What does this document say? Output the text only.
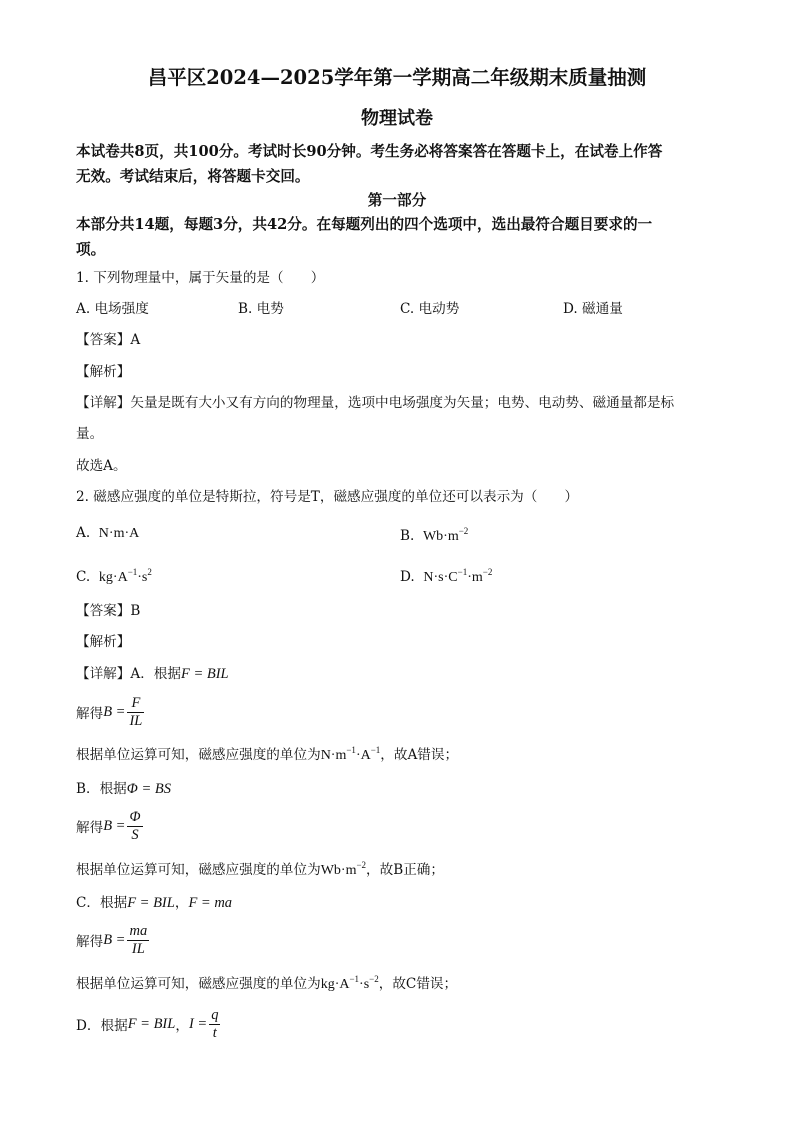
昌平区2024—2025学年第一学期高二年级期末质量抽测
物理试卷
本试卷共8页，共100分。考试时长90分钟。考生务必将答案答在答题卡上，在试卷上作答
无效。考试结束后，将答题卡交回。
第一部分
本部分共14题，每题3分，共42分。在每题列出的四个选项中，选出最符合题目要求的一
项。
1. 下列物理量中，属于矢量的是（　　）
A. 电场强度	B. 电势	C. 电动势	D. 磁通量
【答案】A
【解析】
【详解】矢量是既有大小又有方向的物理量，选项中电场强度为矢量；电势、电动势、磁通量都是标
量。
故选A。
2. 磁感应强度的单位是特斯拉，符号是T，磁感应强度的单位还可以表示为（　　）
A. N·m·A	B. $Wb\cdot m^{-2}$
C. $kg\cdot A^{-1}\cdot s^2$	D. $N\cdot s\cdot C^{-1}\cdot m^{-2}$
【答案】B
【解析】
【详解】A．根据F = BIL
解得 $B = \frac{F}{IL}$
根据单位运算可知，磁感应强度的单位为$N\cdot m^{-1}\cdot A^{-1}$，故A错误；
B．根据Φ = BS
解得 $B = \frac{\Phi}{S}$
根据单位运算可知，磁感应强度的单位为$Wb\cdot m^{-2}$，故B正确；
C．根据F = BIL，F = ma
解得 $B = \frac{ma}{IL}$
根据单位运算可知，磁感应强度的单位为$kg\cdot A^{-1}\cdot s^{-2}$，故C错误；
D．根据 F = BIL ， $I = \frac{q}{t}$
